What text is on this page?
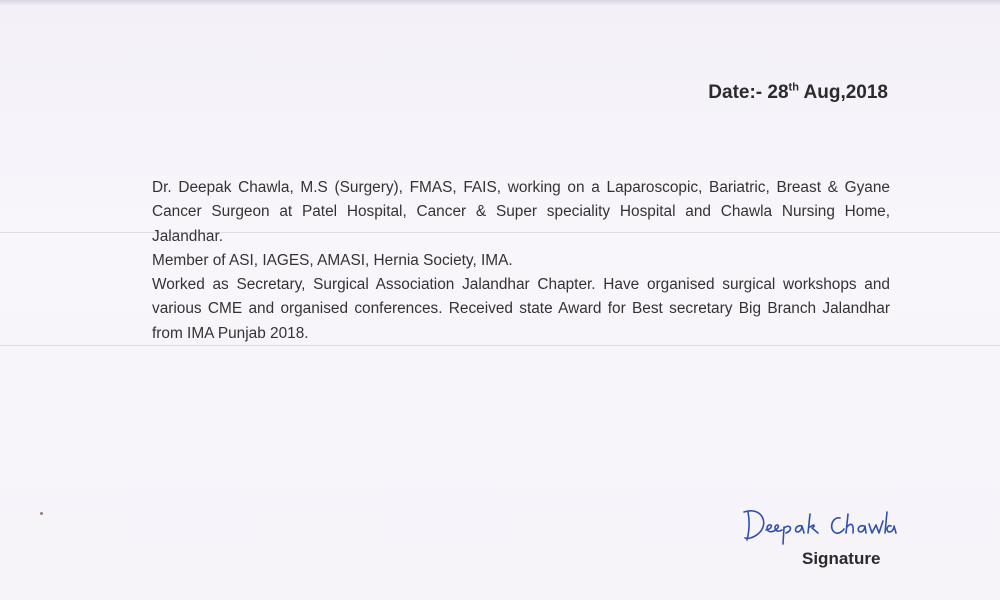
Date:- 28th Aug,2018

Dr. Deepak Chawla, M.S (Surgery), FMAS, FAIS, working on a Laparoscopic, Bariatric, Breast & Gyane Cancer Surgeon at Patel Hospital, Cancer & Super speciality Hospital and Chawla Nursing Home, Jalandhar.

Member of ASI, IAGES, AMASI, Hernia Society, IMA.

Worked as Secretary, Surgical Association Jalandhar Chapter. Have organised surgical workshops and various CME and organised conferences. Received state Award for Best secretary Big Branch Jalandhar from IMA Punjab 2018.

Signature
